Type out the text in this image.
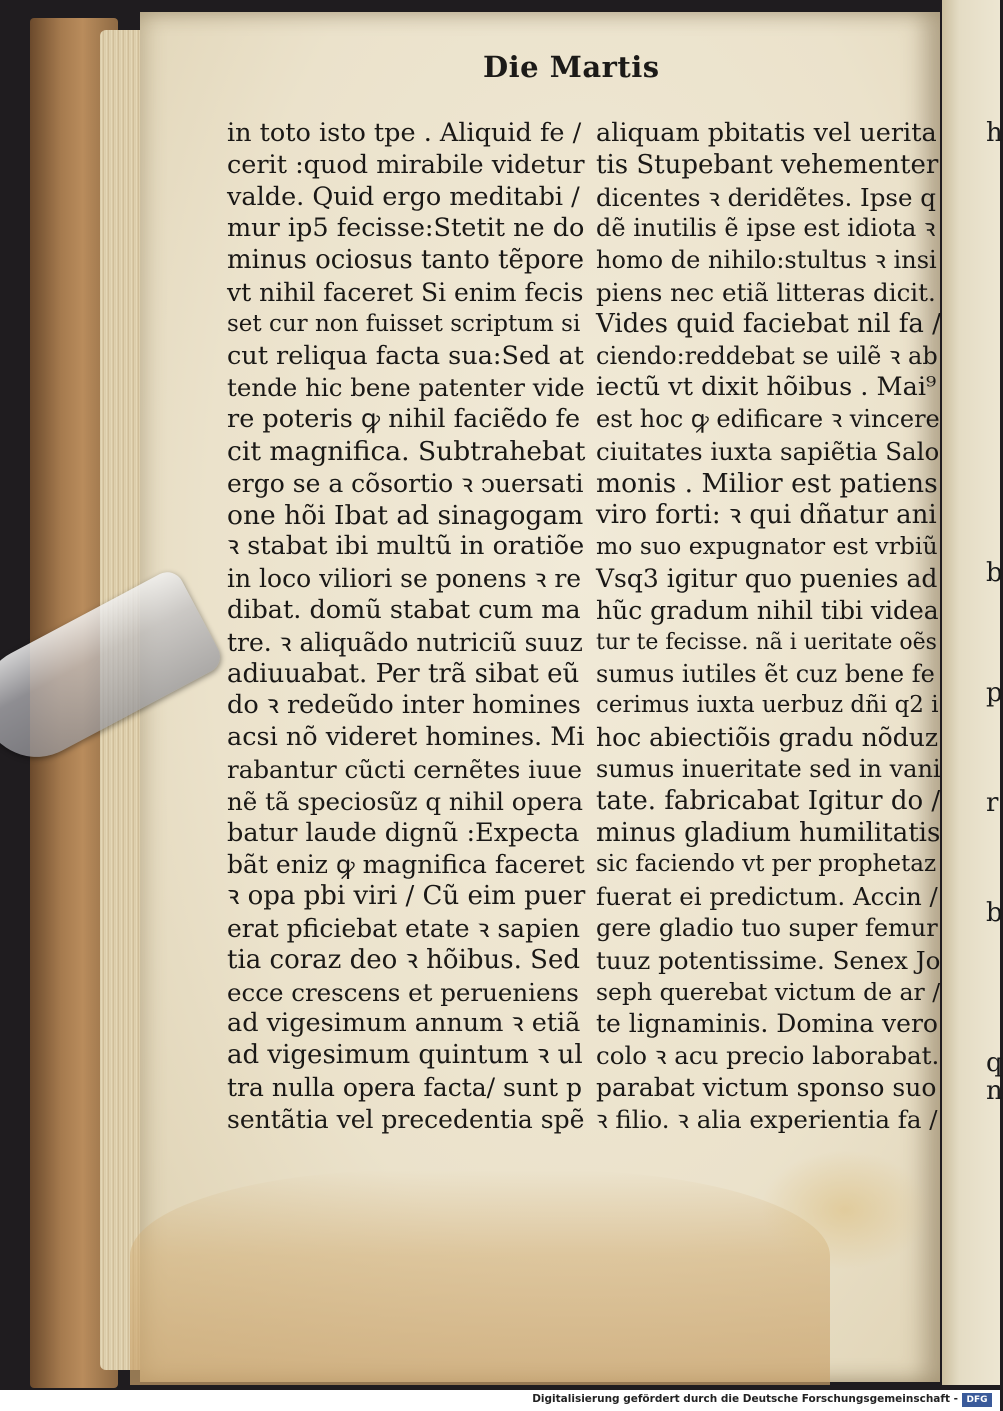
h
b
p
r
b
q
n
Die Martis
in toto isto tpe . Aliquid fe /
cerit :quod mirabile videtur
valde. Quid ergo meditabi /
mur ip5 fecisse:Stetit ne do
minus ociosus tanto tẽpore
vt nihil faceret Si enim fecis
set cur non fuisset scriptum si
cut reliqua facta sua:Sed at
tende hic bene patenter vide
re poteris ꝙ nihil faciẽdo fe
cit magnifica. Subtrahebat
ergo se a cõsortio ꝛ ↄuersati
one hõi Ibat ad sinagogam
ꝛ stabat ibi multũ in oratiõe
in loco viliori se ponens ꝛ re
dibat. domũ stabat cum ma
tre. ꝛ aliquãdo nutriciũ suuz
adiuuabat. Per trã sibat eũ
do ꝛ redeũdo inter homines
acsi nõ videret homines. Mi
rabantur cũcti cernẽtes iuue
nẽ tã speciosũz q nihil opera
batur laude dignũ :Expecta
bãt eniz ꝙ magnifica faceret
ꝛ opa pbi viri / Cũ eim puer
erat pficiebat etate ꝛ sapien
tia coraz deo ꝛ hõibus. Sed
ecce crescens et perueniens
ad vigesimum annum ꝛ etiã
ad vigesimum quintum ꝛ ul
tra nulla opera facta/ sunt p
sentãtia vel precedentia spẽ
aliquam pbitatis vel uerita
tis Stupebant vehementer
dicentes ꝛ deridẽtes. Ipse q
dẽ inutilis ẽ ipse est idiota ꝛ
homo de nihilo:stultus ꝛ insi
piens nec etiã litteras dicit.
Vides quid faciebat nil fa /
ciendo:reddebat se uilẽ ꝛ ab
iectũ vt dixit hõibus . Mai⁹
est hoc ꝙ edificare ꝛ vincere
ciuitates iuxta sapiẽtia Salo
monis . Milior est patiens
viro forti: ꝛ qui dñatur ani
mo suo expugnator est vrbiũ
Vsq3 igitur quo puenies ad
hũc gradum nihil tibi videa
tur te fecisse. nã i ueritate oẽs
sumus iutiles ẽt cuz bene fe
cerimus iuxta uerbuz dñi q2 i
hoc abiectiõis gradu nõduz
sumus inueritate sed in vani
tate. fabricabat Igitur do /
minus gladium humilitatis
sic faciendo vt per prophetaz
fuerat ei predictum. Accin /
gere gladio tuo super femur
tuuz potentissime. Senex Jo
seph querebat victum de ar /
te lignaminis. Domina vero
colo ꝛ acu precio laborabat.
parabat victum sponso suo
ꝛ filio. ꝛ alia experientia fa /
Digitalisierung gefördert durch die Deutsche Forschungsgemeinschaft - DFG
